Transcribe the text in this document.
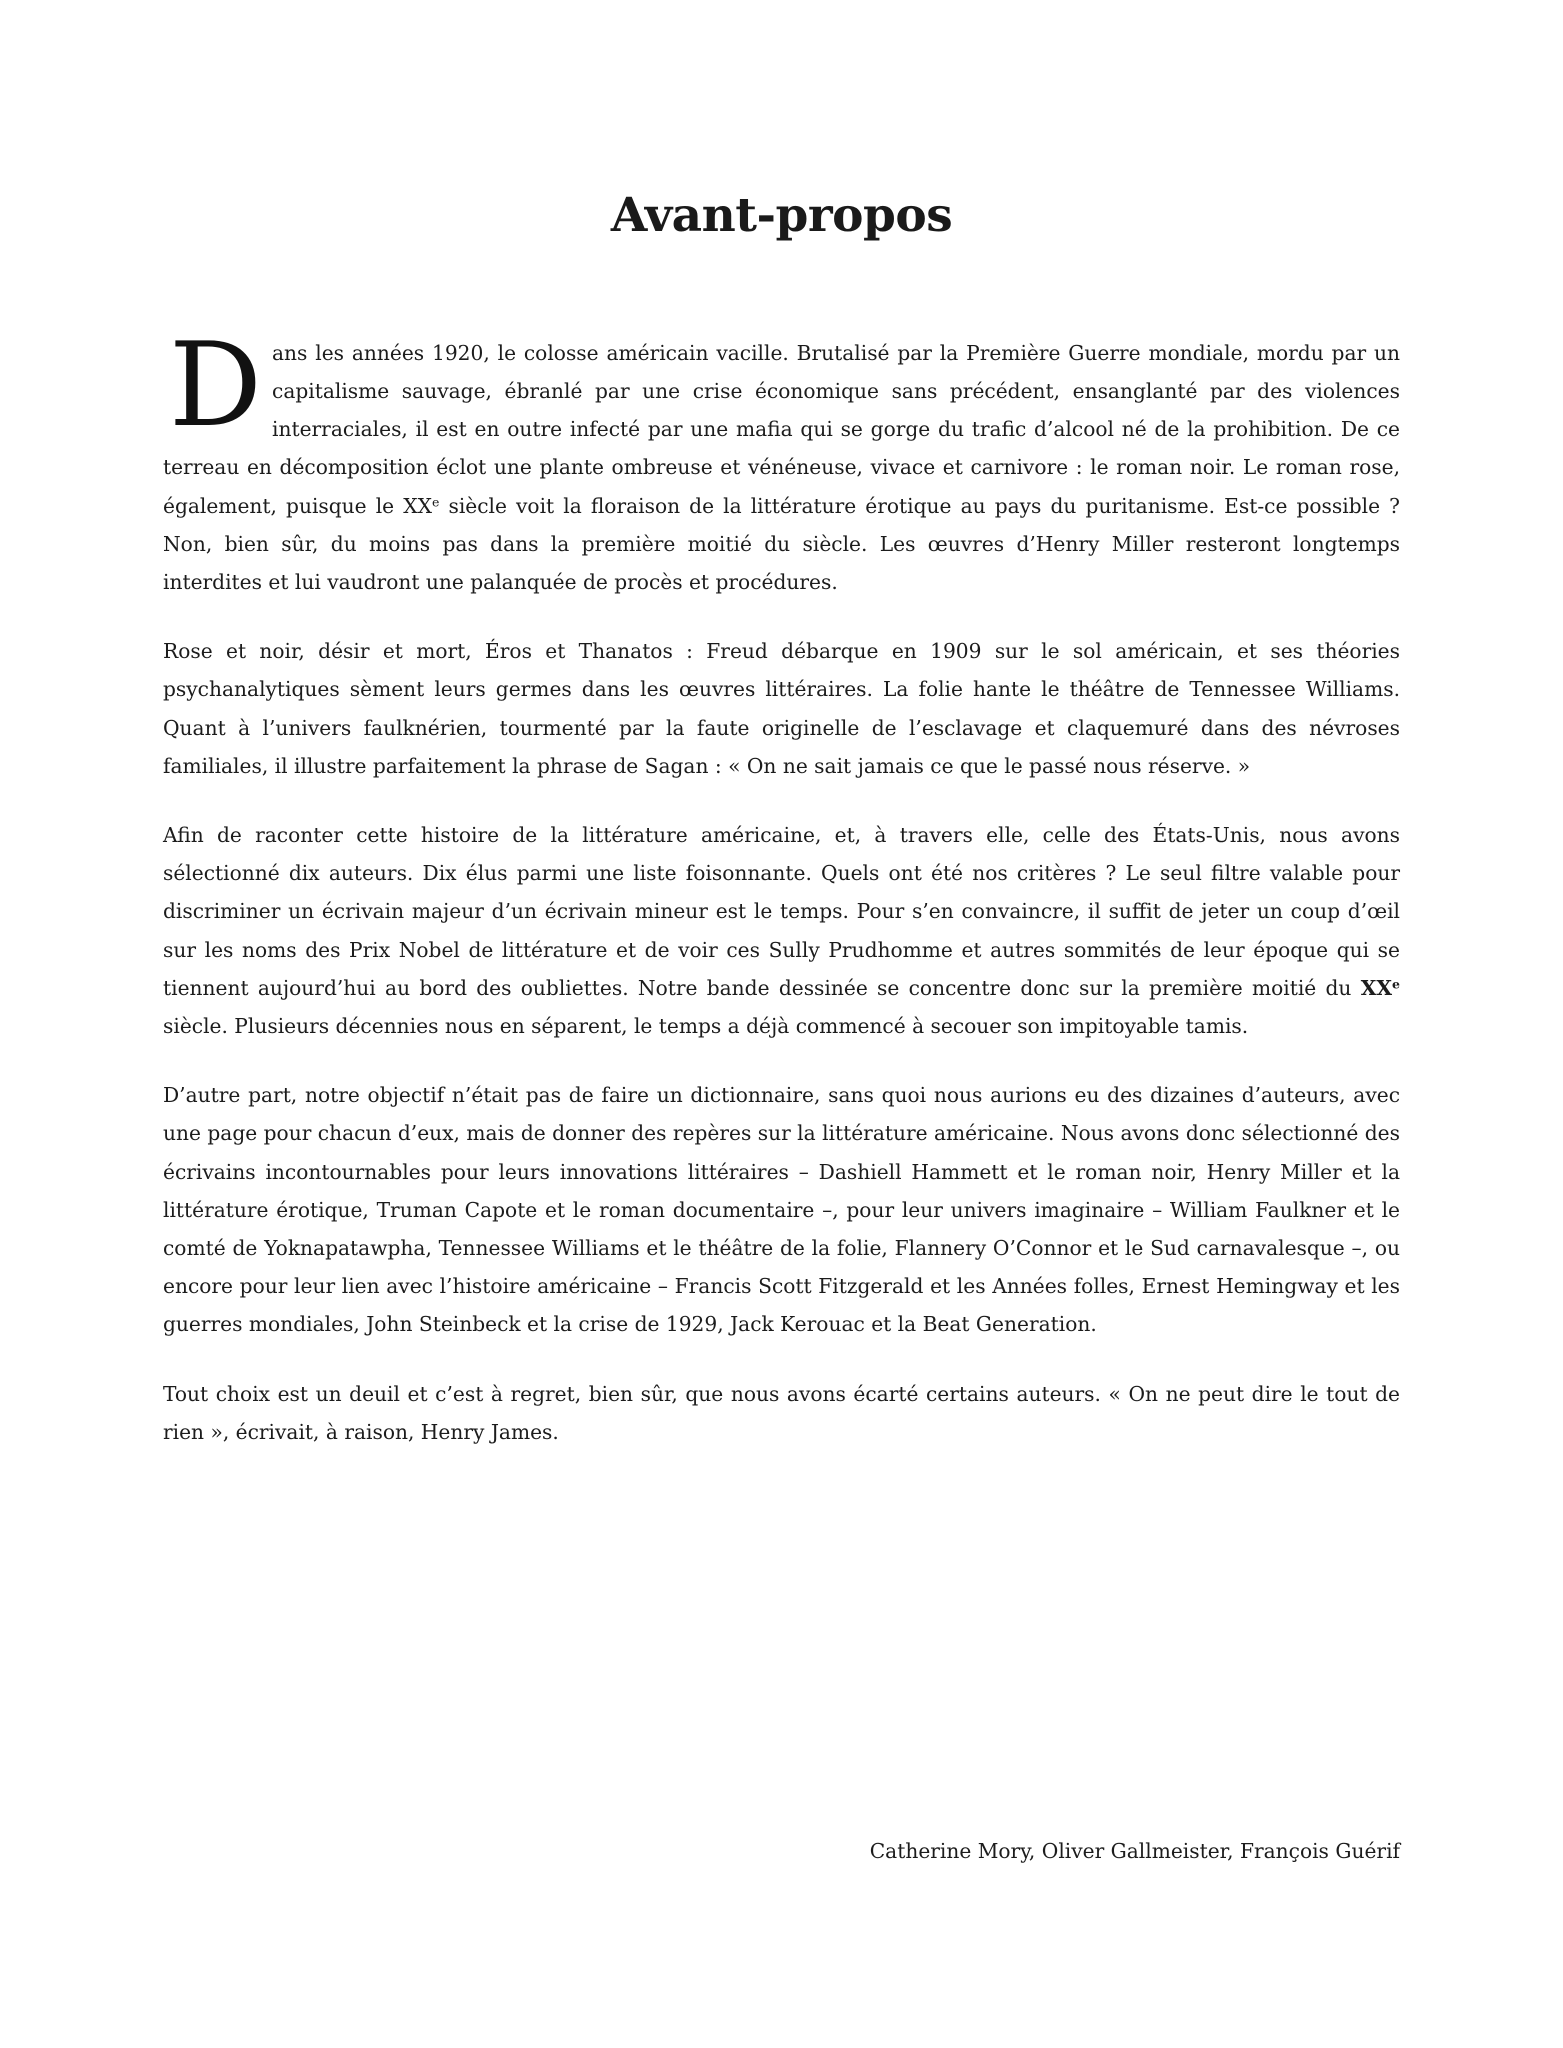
Avant-propos

Dans les années 1920, le colosse américain vacille. Brutalisé par la Première Guerre mondiale, mordu par un capitalisme sauvage, ébranlé par une crise économique sans précédent, ensanglanté par des violences interraciales, il est en outre infecté par une mafia qui se gorge du trafic d’alcool né de la prohibition. De ce terreau en décomposition éclot une plante ombreuse et vénéneuse, vivace et carnivore : le roman noir. Le roman rose, également, puisque le XXe siècle voit la floraison de la littérature érotique au pays du puritanisme. Est-ce possible ? Non, bien sûr, du moins pas dans la première moitié du siècle. Les œuvres d’Henry Miller resteront longtemps interdites et lui vaudront une palanquée de procès et procédures.

Rose et noir, désir et mort, Éros et Thanatos : Freud débarque en 1909 sur le sol américain, et ses théories psychanalytiques sèment leurs germes dans les œuvres littéraires. La folie hante le théâtre de Tennessee Williams. Quant à l’univers faulknérien, tourmenté par la faute originelle de l’esclavage et claquemuré dans des névroses familiales, il illustre parfaitement la phrase de Sagan : « On ne sait jamais ce que le passé nous réserve. »

Afin de raconter cette histoire de la littérature américaine, et, à travers elle, celle des États-Unis, nous avons sélectionné dix auteurs. Dix élus parmi une liste foisonnante. Quels ont été nos critères ? Le seul filtre valable pour discriminer un écrivain majeur d’un écrivain mineur est le temps. Pour s’en convaincre, il suffit de jeter un coup d’œil sur les noms des Prix Nobel de littérature et de voir ces Sully Prudhomme et autres sommités de leur époque qui se tiennent aujourd’hui au bord des oubliettes. Notre bande dessinée se concentre donc sur la première moitié du XXe siècle. Plusieurs décennies nous en séparent, le temps a déjà commencé à secouer son impitoyable tamis.

D’autre part, notre objectif n’était pas de faire un dictionnaire, sans quoi nous aurions eu des dizaines d’auteurs, avec une page pour chacun d’eux, mais de donner des repères sur la littérature américaine. Nous avons donc sélectionné des écrivains incontournables pour leurs innovations littéraires – Dashiell Hammett et le roman noir, Henry Miller et la littérature érotique, Truman Capote et le roman documentaire –, pour leur univers imaginaire – William Faulkner et le comté de Yoknapatawpha, Tennessee Williams et le théâtre de la folie, Flannery O’Connor et le Sud carnavalesque –, ou encore pour leur lien avec l’histoire américaine – Francis Scott Fitzgerald et les Années folles, Ernest Hemingway et les guerres mondiales, John Steinbeck et la crise de 1929, Jack Kerouac et la Beat Generation.

Tout choix est un deuil et c’est à regret, bien sûr, que nous avons écarté certains auteurs. « On ne peut dire le tout de rien », écrivait, à raison, Henry James.

Catherine Mory, Oliver Gallmeister, François Guérif
